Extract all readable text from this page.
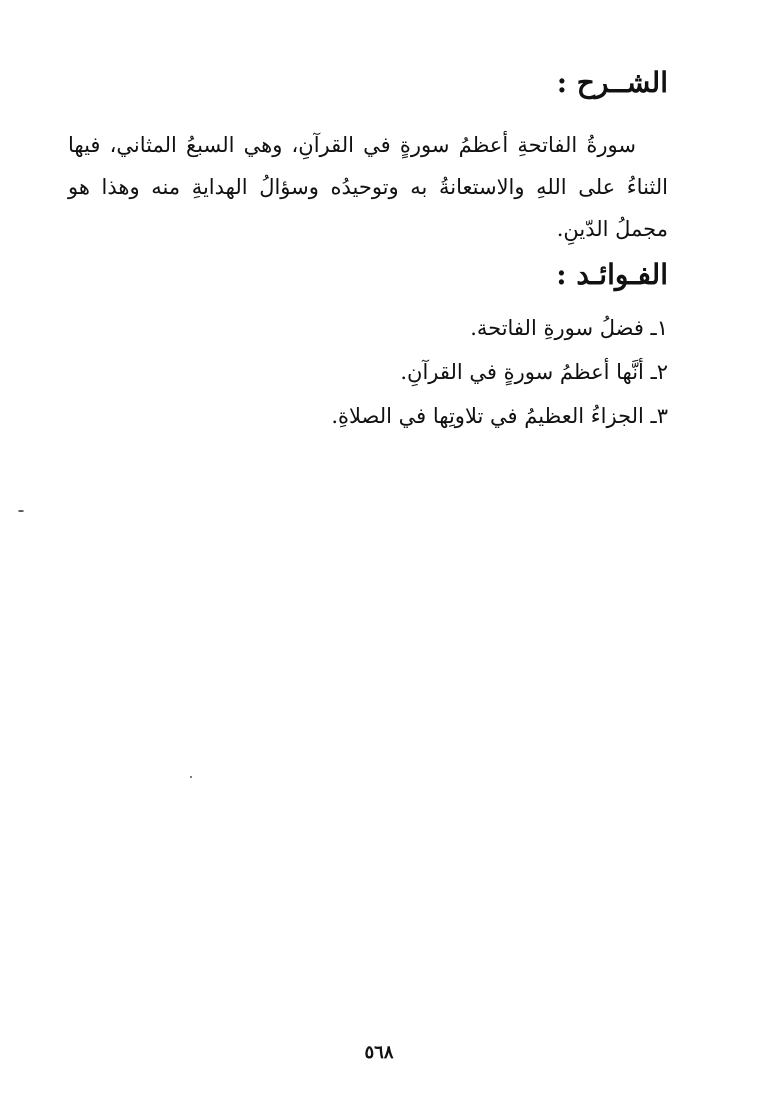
الشــرح :
سورةُ الفاتحةِ أعظمُ سورةٍ في القرآنِ، وهي السبعُ المثاني، فيها الثناءُ على اللهِ والاستعانةُ به وتوحيدُه وسؤالُ الهدايةِ منه وهذا هو مجملُ الدّينِ.
الفـوائـد :
١ـ فضلُ سورةِ الفاتحة.
٢ـ أنَّها أعظمُ سورةٍ في القرآنِ.
٣ـ الجزاءُ العظيمُ في تلاوتِها في الصلاةِ.
٥٦٨
